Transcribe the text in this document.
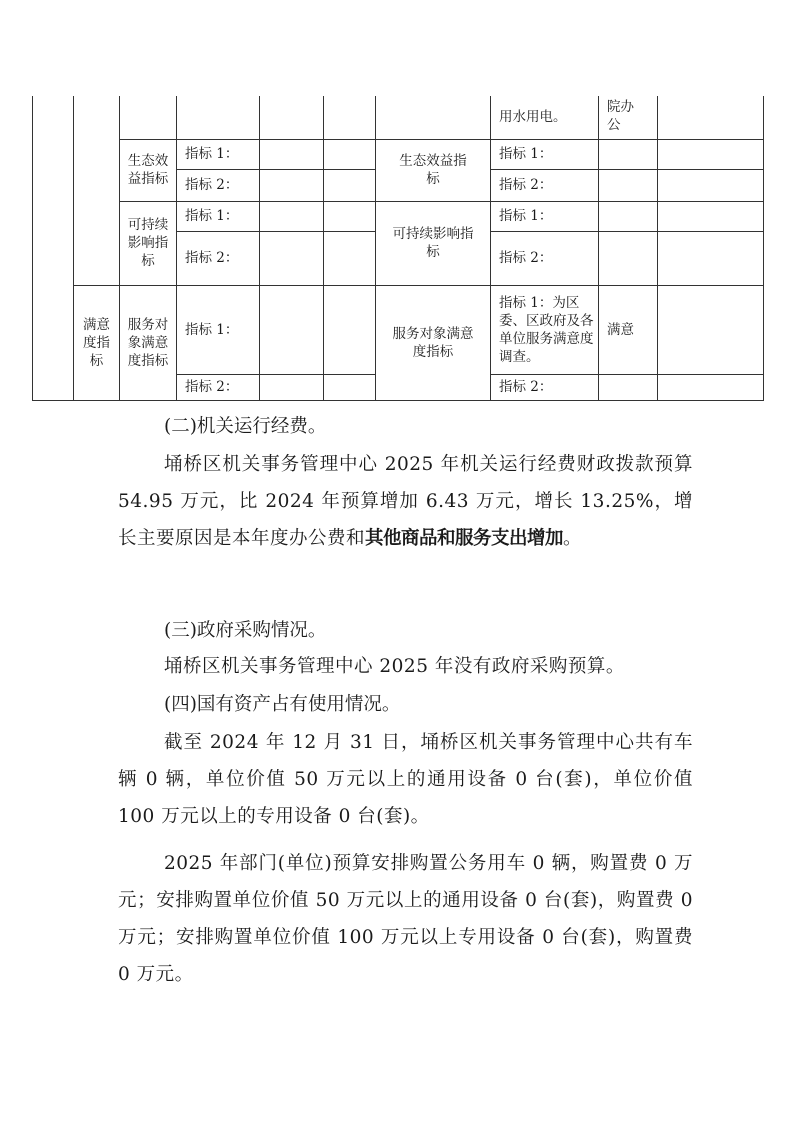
							用水用电。	院办公	
		生态效益指标	指标 1：			生态效益指标	指标 1：		
			指标 2：				指标 2：		
		可持续影响指标	指标 1：			可持续影响指标	指标 1：		
			指标 2：				指标 2：		
	满意度指标	服务对象满意度指标	指标 1：			服务对象满意度指标	指标 1：为区委、区政府及各单位服务满意度调查。	满意	
			指标 2：				指标 2：		

(二)机关运行经费。

埇桥区机关事务管理中心 2025 年机关运行经费财政拨款预算 54.95 万元，比 2024 年预算增加 6.43 万元，增长 13.25%，增长主要原因是本年度办公费和其他商品和服务支出增加。

(三)政府采购情况。

埇桥区机关事务管理中心 2025 年没有政府采购预算。

(四)国有资产占有使用情况。

截至 2024 年 12 月 31 日，埇桥区机关事务管理中心共有车辆 0 辆，单位价值 50 万元以上的通用设备 0 台(套)，单位价值 100 万元以上的专用设备 0 台(套)。

2025 年部门(单位)预算安排购置公务用车 0 辆，购置费 0 万元；安排购置单位价值 50 万元以上的通用设备 0 台(套)，购置费 0 万元；安排购置单位价值 100 万元以上专用设备 0 台(套)，购置费 0 万元。
